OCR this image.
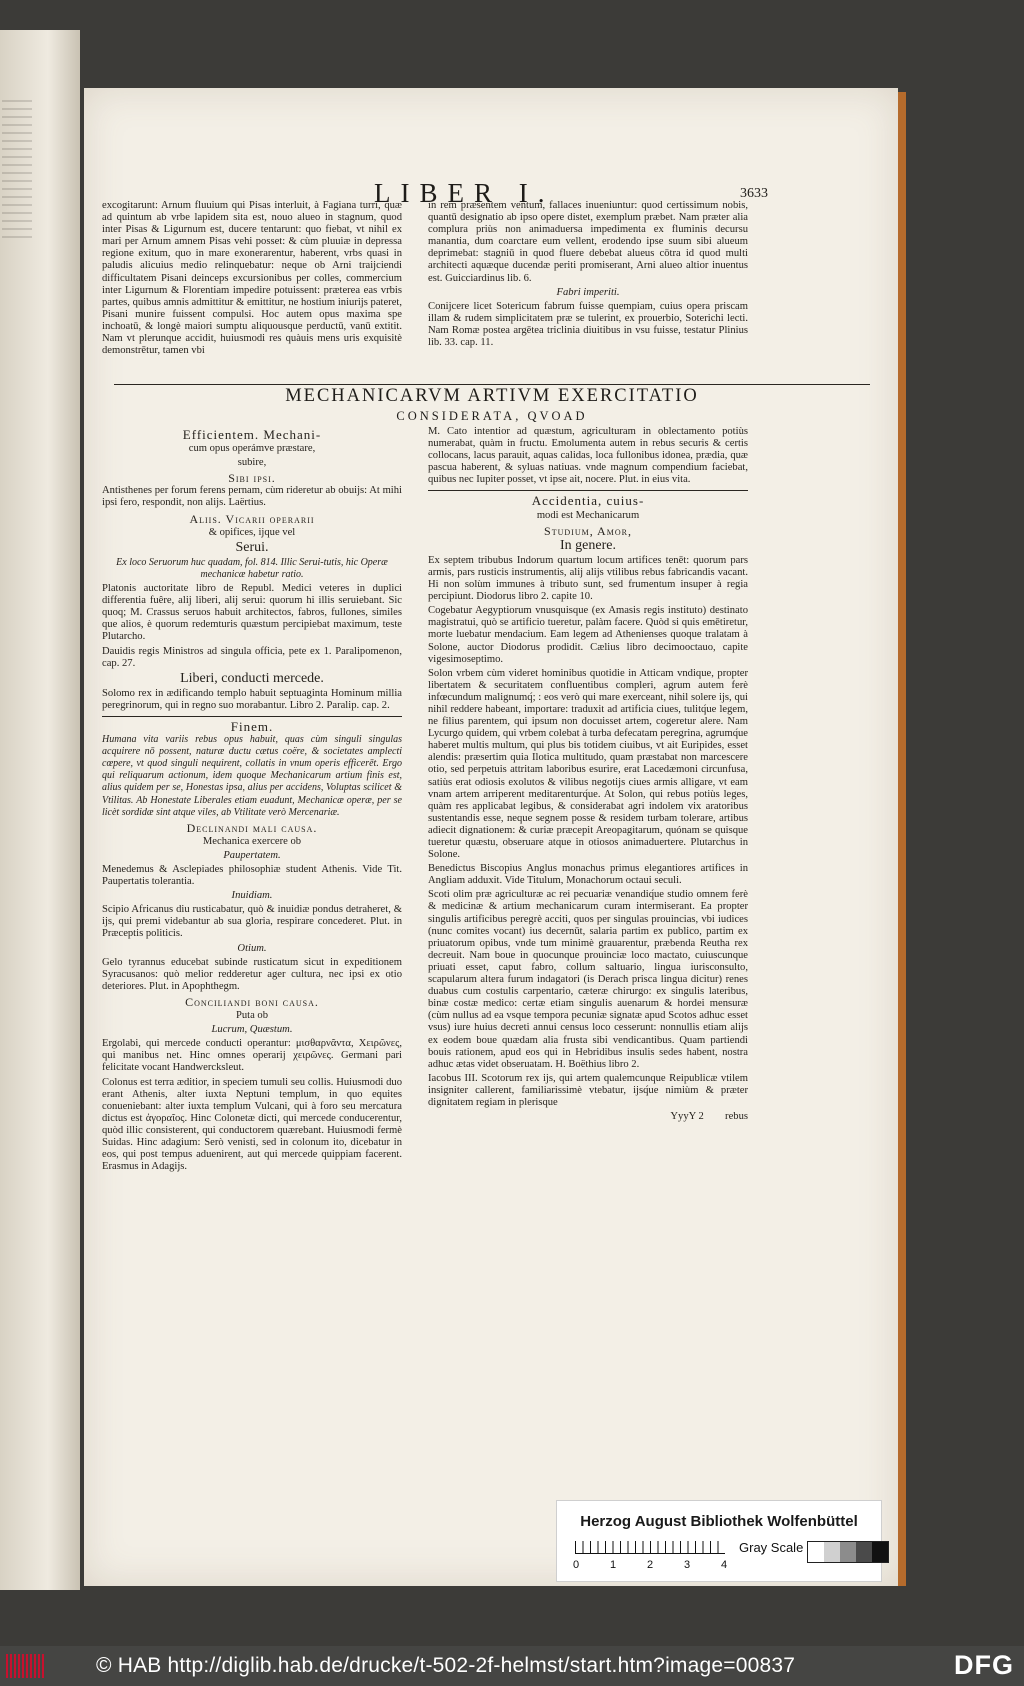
LIBER I.	3633

excogitarunt: Arnum fluuium qui Pisas interluit, à Fagiana turri, quæ ad quintum ab vrbe lapidem sita est, nouo alueo in stagnum, quod inter Pisas & Ligurnum est, ducere tentarunt: quo fiebat, vt nihil ex mari per Arnum amnem Pisas vehi posset: & cùm pluuiæ in depressa regione exitum, quo in mare exonerarentur, haberent, vrbs quasi in paludis alicuius medio relinquebatur: neque ob Arni traijciendi difficultatem Pisani deinceps excursionibus per colles, commercium inter Ligurnum & Florentiam impedire potuissent: præterea eas vrbis partes, quibus amnis admittitur & emittitur, ne hostium iniurijs pateret, Pisani munire fuissent compulsi. Hoc autem opus maxima spe inchoatū, & longè maiori sumptu aliquousque perductū, vanū extitit. Nam vt plerunque accidit, huiusmodi res quàuis mens uris exquisitè demonstrētur, tamen vbi

in rem præsentem ventum, fallaces inueniuntur: quod certissimum nobis, quantū designatio ab ipso opere distet, exemplum præbet. Nam præter alia complura priùs non animaduersa impedimenta ex fluminis decursu manantia, dum coarctare eum vellent, erodendo ipse suum sibi alueum deprimebat: stagniū in quod fluere debebat alueus cōtra id quod multi architecti aquæque ducendæ periti promiserant, Arni alueo altior inuentus est. Guicciardinus lib. 6.

Fabri imperiti.

Conijcere licet Sotericum fabrum fuisse quempiam, cuius opera priscam illam & rudem simplicitatem præ se tulerint, ex prouerbio, Soterichi lecti. Nam Romæ postea argētea triclinia diuitibus in vsu fuisse, testatur Plinius lib. 33. cap. 11.

MECHANICARVM ARTIVM EXERCITATIO
CONSIDERATA, QVOAD

Efficientem. Mechani-

cum opus operámve præstare,

subire,

Sibi ipsi.

Antisthenes per forum ferens pernam, cùm rideretur ab obuijs: At mihi ipsi fero, respondit, non alijs. Laërtius.

Aliis. Vicarii operarii

& opifices, ijque vel

Serui.

Ex loco Seruorum huc quadam, fol. 814. Illic Serui-tutis, hic Operæ mechanicæ habetur ratio.

Platonis auctoritate libro de Republ. Medici veteres in duplici differentia fuêre, alij liberi, alij serui: quorum hi illis seruiebant. Sic quoq; M. Crassus seruos habuit architectos, fabros, fullones, similes que alios, è quorum redemturis quæstum percipiebat maximum, teste Plutarcho.

Dauidis regis Ministros ad singula officia, pete ex 1. Paralipomenon, cap. 27.

Liberi, conducti mercede.

Solomo rex in ædificando templo habuit septuaginta Hominum millia peregrinorum, qui in regno suo morabantur. Libro 2. Paralip. cap. 2.

Finem.

Humana vita variis rebus opus habuit, quas cùm singuli singulas acquirere nō possent, naturæ ductu cætus coëre, & societates amplecti cœpere, vt quod singuli nequirent, collatis in vnum operis efficerēt. Ergo qui reliquarum actionum, idem quoque Mechanicarum artium finis est, alius quidem per se, Honestas ipsa, alius per accidens, Voluptas scilicet & Vtilitas. Ab Honestate Liberales etiam euadunt, Mechanicæ operæ, per se licèt sordidæ sint atque viles, ab Vtilitate verò Mercenariæ.

Declinandi mali causa.

Mechanica exercere ob

Paupertatem.

Menedemus & Asclepiades philosophiæ student Athenis. Vide Tit. Paupertatis tolerantia.

Inuidiam.

Scipio Africanus diu rusticabatur, quò & inuidiæ pondus detraheret, & ijs, qui premi videbantur ab sua gloria, respirare concederet. Plut. in Præceptis politicis.

Otium.

Gelo tyrannus educebat subinde rusticatum sicut in expeditionem Syracusanos: quò melior redderetur ager cultura, nec ipsi ex otio deteriores. Plut. in Apophthegm.

Conciliandi boni causa.

Puta ob

Lucrum, Quæstum.

Ergolabi, qui mercede conducti operantur: μισθαρνᾶντα, Χειρῶνες, qui manibus net. Hinc omnes operarij χειρῶνες. Germani pari felicitate vocant Handwercksleut.

Colonus est terra æditior, in speciem tumuli seu collis. Huiusmodi duo erant Athenis, alter iuxta Neptuni templum, in quo equites conueniebant: alter iuxta templum Vulcani, qui à foro seu mercatura dictus est ἀγοραῖος. Hinc Colonetæ dicti, qui mercede conducerentur, quòd illic consisterent, qui conductorem quærebant. Huiusmodi fermè Suidas. Hinc adagium: Serò venisti, sed in colonum ito, dicebatur in eos, qui post tempus aduenirent, aut qui mercede quippiam facerent. Erasmus in Adagijs.

M. Cato intentior ad quæstum, agriculturam in oblectamento potiùs numerabat, quàm in fructu. Emolumenta autem in rebus securis & certis collocans, lacus parauit, aquas calidas, loca fullonibus idonea, prædia, quæ pascua haberent, & syluas natiuas. vnde magnum compendium faciebat, quibus nec Iupiter posset, vt ipse ait, nocere. Plut. in eius vita.

Accidentia, cuius-

modi est Mechanicarum

Studium, Amor,

In genere.

Ex septem tribubus Indorum quartum locum artifices tenēt: quorum pars armis, pars rusticis instrumentis, alij alijs vtilibus rebus fabricandis vacant. Hi non solùm immunes à tributo sunt, sed frumentum insuper à regia percipiunt. Diodorus libro 2. capite 10.

Cogebatur Aegyptiorum vnusquisque (ex Amasis regis instituto) destinato magistratui, quò se artificio tueretur, palàm facere. Quòd si quis emētiretur, morte luebatur mendacium. Eam legem ad Athenienses quoque tralatam à Solone, auctor Diodorus prodidit. Cælius libro decimooctauo, capite vigesimoseptimo.

Solon vrbem cùm videret hominibus quotidie in Atticam vndique, propter libertatem & securitatem confluentibus compleri, agrum autem ferè infœcundum malignumq́; : eos verò qui mare exerceant, nihil solere ijs, qui nihil reddere habeant, importare: traduxit ad artificia ciues, tulitq́ue legem, ne filius parentem, qui ipsum non docuisset artem, cogeretur alere. Nam Lycurgo quidem, qui vrbem colebat à turba defecatam peregrina, agrumq́ue haberet multis multum, qui plus bis totidem ciuibus, vt ait Euripides, esset alendis: præsertim quia Ilotica multitudo, quam præstabat non marcescere otio, sed perpetuis attritam laboribus esurire, erat Lacedæmoni circunfusa, satiùs erat odiosis exolutos & vilibus negotijs ciues armis alligare, vt eam vnam artem arriperent meditarenturq́ue. At Solon, qui rebus potiùs leges, quàm res applicabat legibus, & considerabat agri indolem vix aratoribus sustentandis esse, neque segnem posse & residem turbam tolerare, artibus adiecit dignationem: & curiæ præcepit Areopagitarum, quónam se quisque tueretur quæstu, obseruare atque in otiosos animaduertere. Plutarchus in Solone.

Benedictus Biscopius Anglus monachus primus elegantiores artifices in Angliam adduxit. Vide Titulum, Monachorum octaui seculi.

Scoti olim præ agriculturæ ac rei pecuariæ venandiq́ue studio omnem ferè & medicinæ & artium mechanicarum curam intermiserant. Ea propter singulis artificibus peregrè acciti, quos per singulas prouincias, vbi iudices (nunc comites vocant) ius decernūt, salaria partim ex publico, partim ex priuatorum opibus, vnde tum minimè grauarentur, præbenda Reutha rex decreuit. Nam boue in quocunque prouinciæ loco mactato, cuiuscunque priuati esset, caput fabro, collum saltuario, lingua iurisconsulto, scapularum altera furum indagatori (is Derach prisca lingua dicitur) renes duabus cum costulis carpentario, cæteræ chirurgo: ex singulis lateribus, binæ costæ medico: certæ etiam singulis auenarum & hordei mensuræ (cùm nullus ad ea vsque tempora pecuniæ signatæ apud Scotos adhuc esset vsus) iure huius decreti annui census loco cesserunt: nonnullis etiam alijs ex eodem boue quædam alia frusta sibi vendicantibus. Quam partiendi bouis rationem, apud eos qui in Hebridibus insulis sedes habent, nostra adhuc ætas videt obseruatam. H. Boëthius libro 2.

Iacobus III. Scotorum rex ijs, qui artem qualemcunque Reipublicæ vtilem insigniter callerent, familiarissimè vtebatur, ijsq́ue nimiùm & præter dignitatem regiam in plerisque

YyyY 2 rebus

Herzog August Bibliothek Wolfenbüttel
0	1	2	3	4
Gray Scale
© HAB http://diglib.hab.de/drucke/t-502-2f-helmst/start.htm?image=00837	DFG
